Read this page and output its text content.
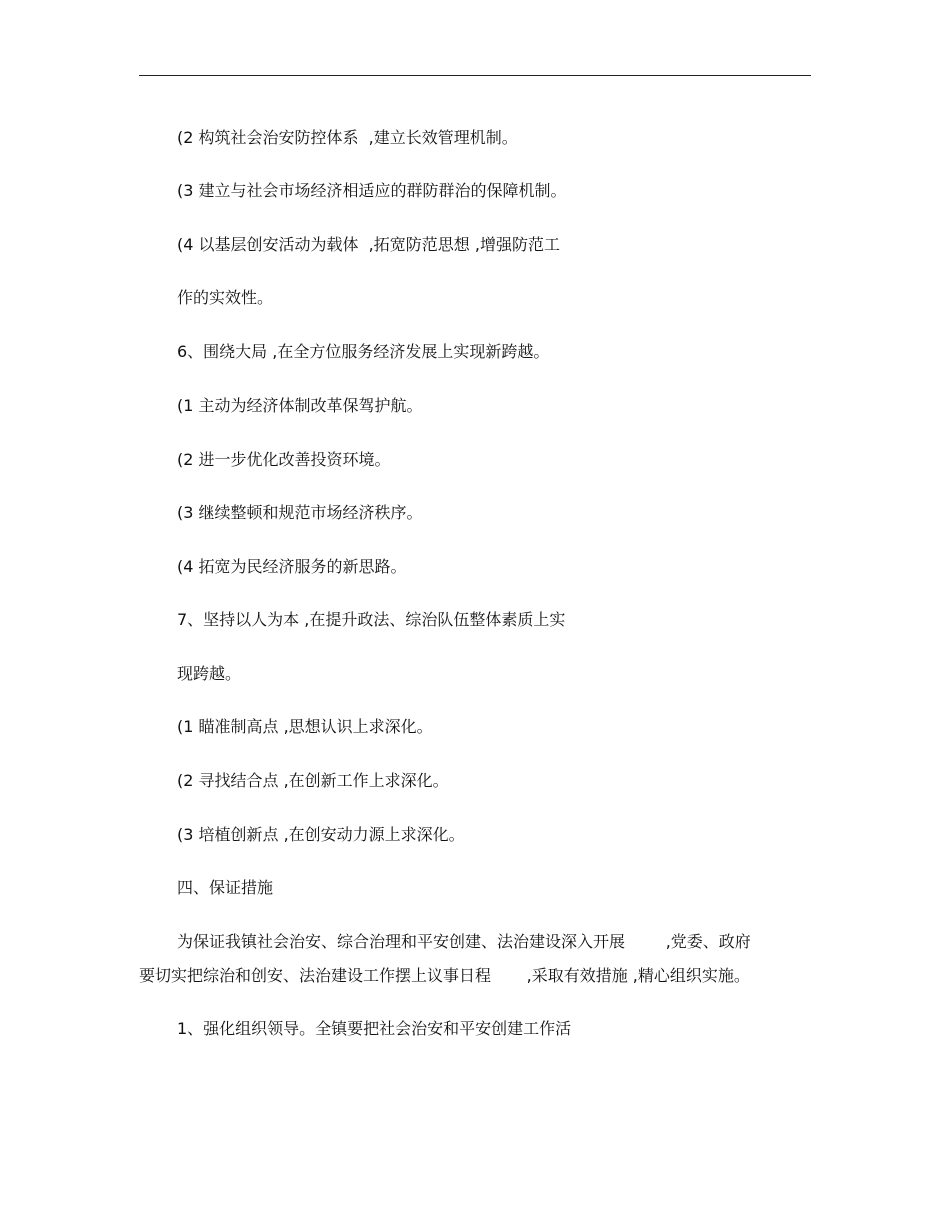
(2 构筑社会治安防控体系  ,建立长效管理机制。
(3 建立与社会市场经济相适应的群防群治的保障机制。
(4 以基层创安活动为载体  ,拓宽防范思想 ,增强防范工
作的实效性。
6、围绕大局 ,在全方位服务经济发展上实现新跨越。
(1 主动为经济体制改革保驾护航。
(2 进一步优化改善投资环境。
(3 继续整顿和规范市场经济秩序。
(4 拓宽为民经济服务的新思路。
7、坚持以人为本 ,在提升政法、综治队伍整体素质上实
现跨越。
(1 瞄准制高点 ,思想认识上求深化。
(2 寻找结合点 ,在创新工作上求深化。
(3 培植创新点 ,在创安动力源上求深化。
四、保证措施
为保证我镇社会治安、综合治理和平安创建、法治建设深入开展        ,党委、政府
要切实把综治和创安、法治建设工作摆上议事日程       ,采取有效措施 ,精心组织实施。
1、强化组织领导。全镇要把社会治安和平安创建工作活
